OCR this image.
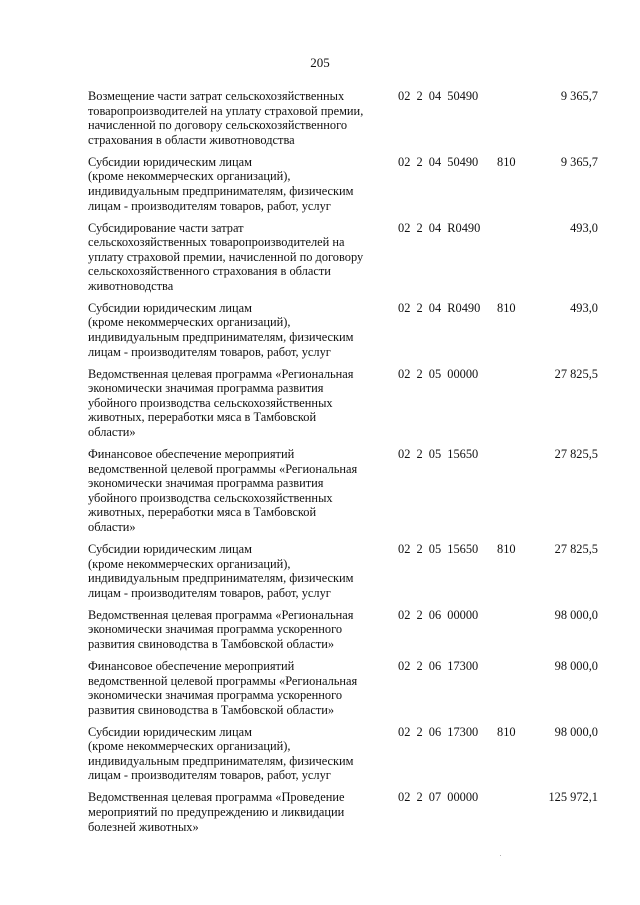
205
Возмещение части затрат сельскохозяйственных
товаропроизводителей на уплату страховой премии,
начисленной по договору сельскохозяйственного
страхования в области животноводства
02 2 04 50490	9 365,7
Субсидии юридическим лицам
(кроме некоммерческих организаций),
индивидуальным предпринимателям, физическим
лицам - производителям товаров, работ, услуг
02 2 04 50490 810	9 365,7
Субсидирование части затрат
сельскохозяйственных товаропроизводителей на
уплату страховой премии, начисленной по договору
сельскохозяйственного страхования в области
животноводства
02 2 04 R0490	493,0
Субсидии юридическим лицам
(кроме некоммерческих организаций),
индивидуальным предпринимателям, физическим
лицам - производителям товаров, работ, услуг
02 2 04 R0490 810	493,0
Ведомственная целевая программа «Региональная
экономически значимая программа развития
убойного производства сельскохозяйственных
животных, переработки мяса в Тамбовской
области»
02 2 05 00000	27 825,5
Финансовое обеспечение мероприятий
ведомственной целевой программы «Региональная
экономически значимая программа развития
убойного производства сельскохозяйственных
животных, переработки мяса в Тамбовской
области»
02 2 05 15650	27 825,5
Субсидии юридическим лицам
(кроме некоммерческих организаций),
индивидуальным предпринимателям, физическим
лицам - производителям товаров, работ, услуг
02 2 05 15650 810	27 825,5
Ведомственная целевая программа «Региональная
экономически значимая программа ускоренного
развития свиноводства в Тамбовской области»
02 2 06 00000	98 000,0
Финансовое обеспечение мероприятий
ведомственной целевой программы «Региональная
экономически значимая программа ускоренного
развития свиноводства в Тамбовской области»
02 2 06 17300	98 000,0
Субсидии юридическим лицам
(кроме некоммерческих организаций),
индивидуальным предпринимателям, физическим
лицам - производителям товаров, работ, услуг
02 2 06 17300 810	98 000,0
Ведомственная целевая программа «Проведение
мероприятий по предупреждению и ликвидации
болезней животных»
02 2 07 00000	125 972,1
